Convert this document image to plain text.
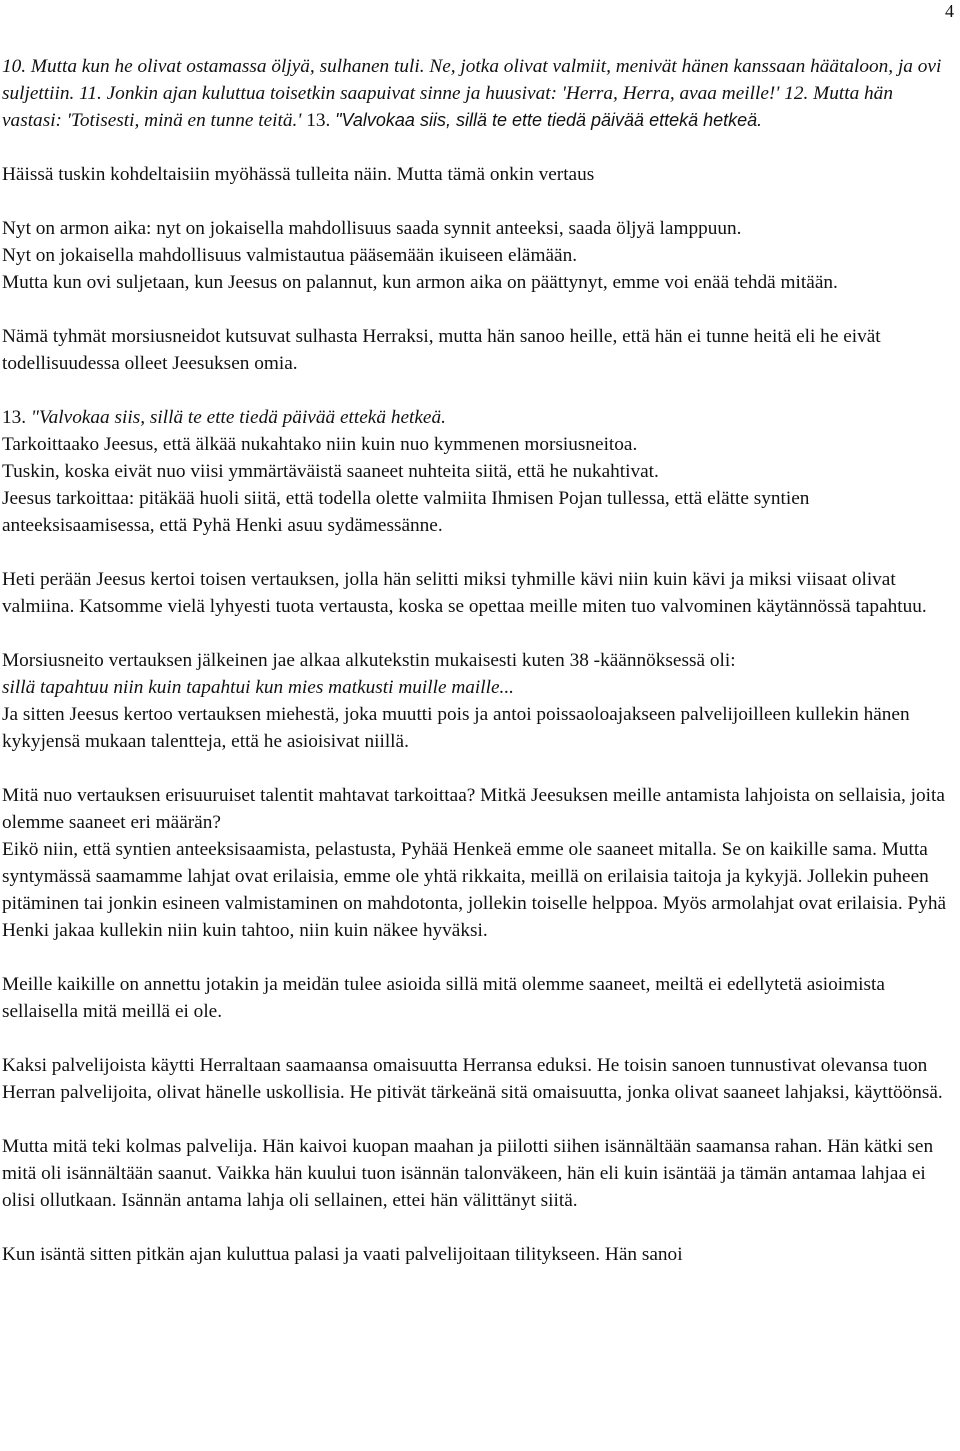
4

10. Mutta kun he olivat ostamassa öljyä, sulhanen tuli. Ne, jotka olivat valmiit, menivät hänen kanssaan häätaloon, ja ovi suljettiin. 11. Jonkin ajan kuluttua toisetkin saapuivat sinne ja huusivat: 'Herra, Herra, avaa meille!' 12. Mutta hän vastasi: 'Totisesti, minä en tunne teitä.' 13. "Valvokaa siis, sillä te ette tiedä päivää ettekä hetkeä.

Häissä tuskin kohdeltaisiin myöhässä tulleita näin. Mutta tämä onkin vertaus

Nyt on armon aika: nyt on jokaisella mahdollisuus saada synnit anteeksi, saada öljyä lamppuun.

Nyt on jokaisella mahdollisuus valmistautua pääsemään ikuiseen elämään.

Mutta kun ovi suljetaan, kun Jeesus on palannut, kun armon aika on päättynyt, emme voi enää tehdä mitään.

Nämä tyhmät morsiusneidot kutsuvat sulhasta Herraksi, mutta hän sanoo heille, että hän ei tunne heitä eli he eivät todellisuudessa olleet Jeesuksen omia.

13. "Valvokaa siis, sillä te ette tiedä päivää ettekä hetkeä.

Tarkoittaako Jeesus, että älkää nukahtako niin kuin nuo kymmenen morsiusneitoa.

Tuskin, koska eivät nuo viisi ymmärtäväistä saaneet nuhteita siitä, että he nukahtivat.

Jeesus tarkoittaa: pitäkää huoli siitä, että todella olette valmiita Ihmisen Pojan tullessa, että elätte syntien anteeksisaamisessa, että Pyhä Henki asuu sydämessänne.

Heti perään Jeesus kertoi toisen vertauksen, jolla hän selitti miksi tyhmille kävi niin kuin kävi ja miksi viisaat olivat valmiina. Katsomme vielä lyhyesti tuota vertausta, koska se opettaa meille miten tuo valvominen käytännössä tapahtuu.

Morsiusneito vertauksen jälkeinen jae alkaa alkutekstin mukaisesti kuten 38 -käännöksessä oli:

sillä tapahtuu niin kuin tapahtui kun mies matkusti muille maille...

Ja sitten Jeesus kertoo vertauksen miehestä, joka muutti pois ja antoi poissaoloajakseen palvelijoilleen kullekin hänen kykyjensä mukaan talentteja, että he asioisivat niillä.

Mitä nuo vertauksen erisuuruiset talentit mahtavat tarkoittaa? Mitkä Jeesuksen meille antamista lahjoista on sellaisia, joita olemme saaneet eri määrän?

Eikö niin, että syntien anteeksisaamista, pelastusta, Pyhää Henkeä emme ole saaneet mitalla. Se on kaikille sama. Mutta syntymässä saamamme lahjat ovat erilaisia, emme ole yhtä rikkaita, meillä on erilaisia taitoja ja kykyjä. Jollekin puheen pitäminen tai jonkin esineen valmistaminen on mahdotonta, jollekin toiselle helppoa. Myös armolahjat ovat erilaisia. Pyhä Henki jakaa kullekin niin kuin tahtoo, niin kuin näkee hyväksi.

Meille kaikille on annettu jotakin ja meidän tulee asioida sillä mitä olemme saaneet, meiltä ei edellytetä asioimista sellaisella mitä meillä ei ole.

Kaksi palvelijoista käytti Herraltaan saamaansa omaisuutta Herransa eduksi. He toisin sanoen tunnustivat olevansa tuon Herran palvelijoita, olivat hänelle uskollisia. He pitivät tärkeänä sitä omaisuutta, jonka olivat saaneet lahjaksi, käyttöönsä.

Mutta mitä teki kolmas palvelija. Hän kaivoi kuopan maahan ja piilotti siihen isännältään saamansa rahan. Hän kätki sen mitä oli isännältään saanut. Vaikka hän kuului tuon isännän talonväkeen, hän eli kuin isäntää ja tämän antamaa lahjaa ei olisi ollutkaan. Isännän antama lahja oli sellainen, ettei hän välittänyt siitä.

Kun isäntä sitten pitkän ajan kuluttua palasi ja vaati palvelijoitaan tilitykseen. Hän sanoi
